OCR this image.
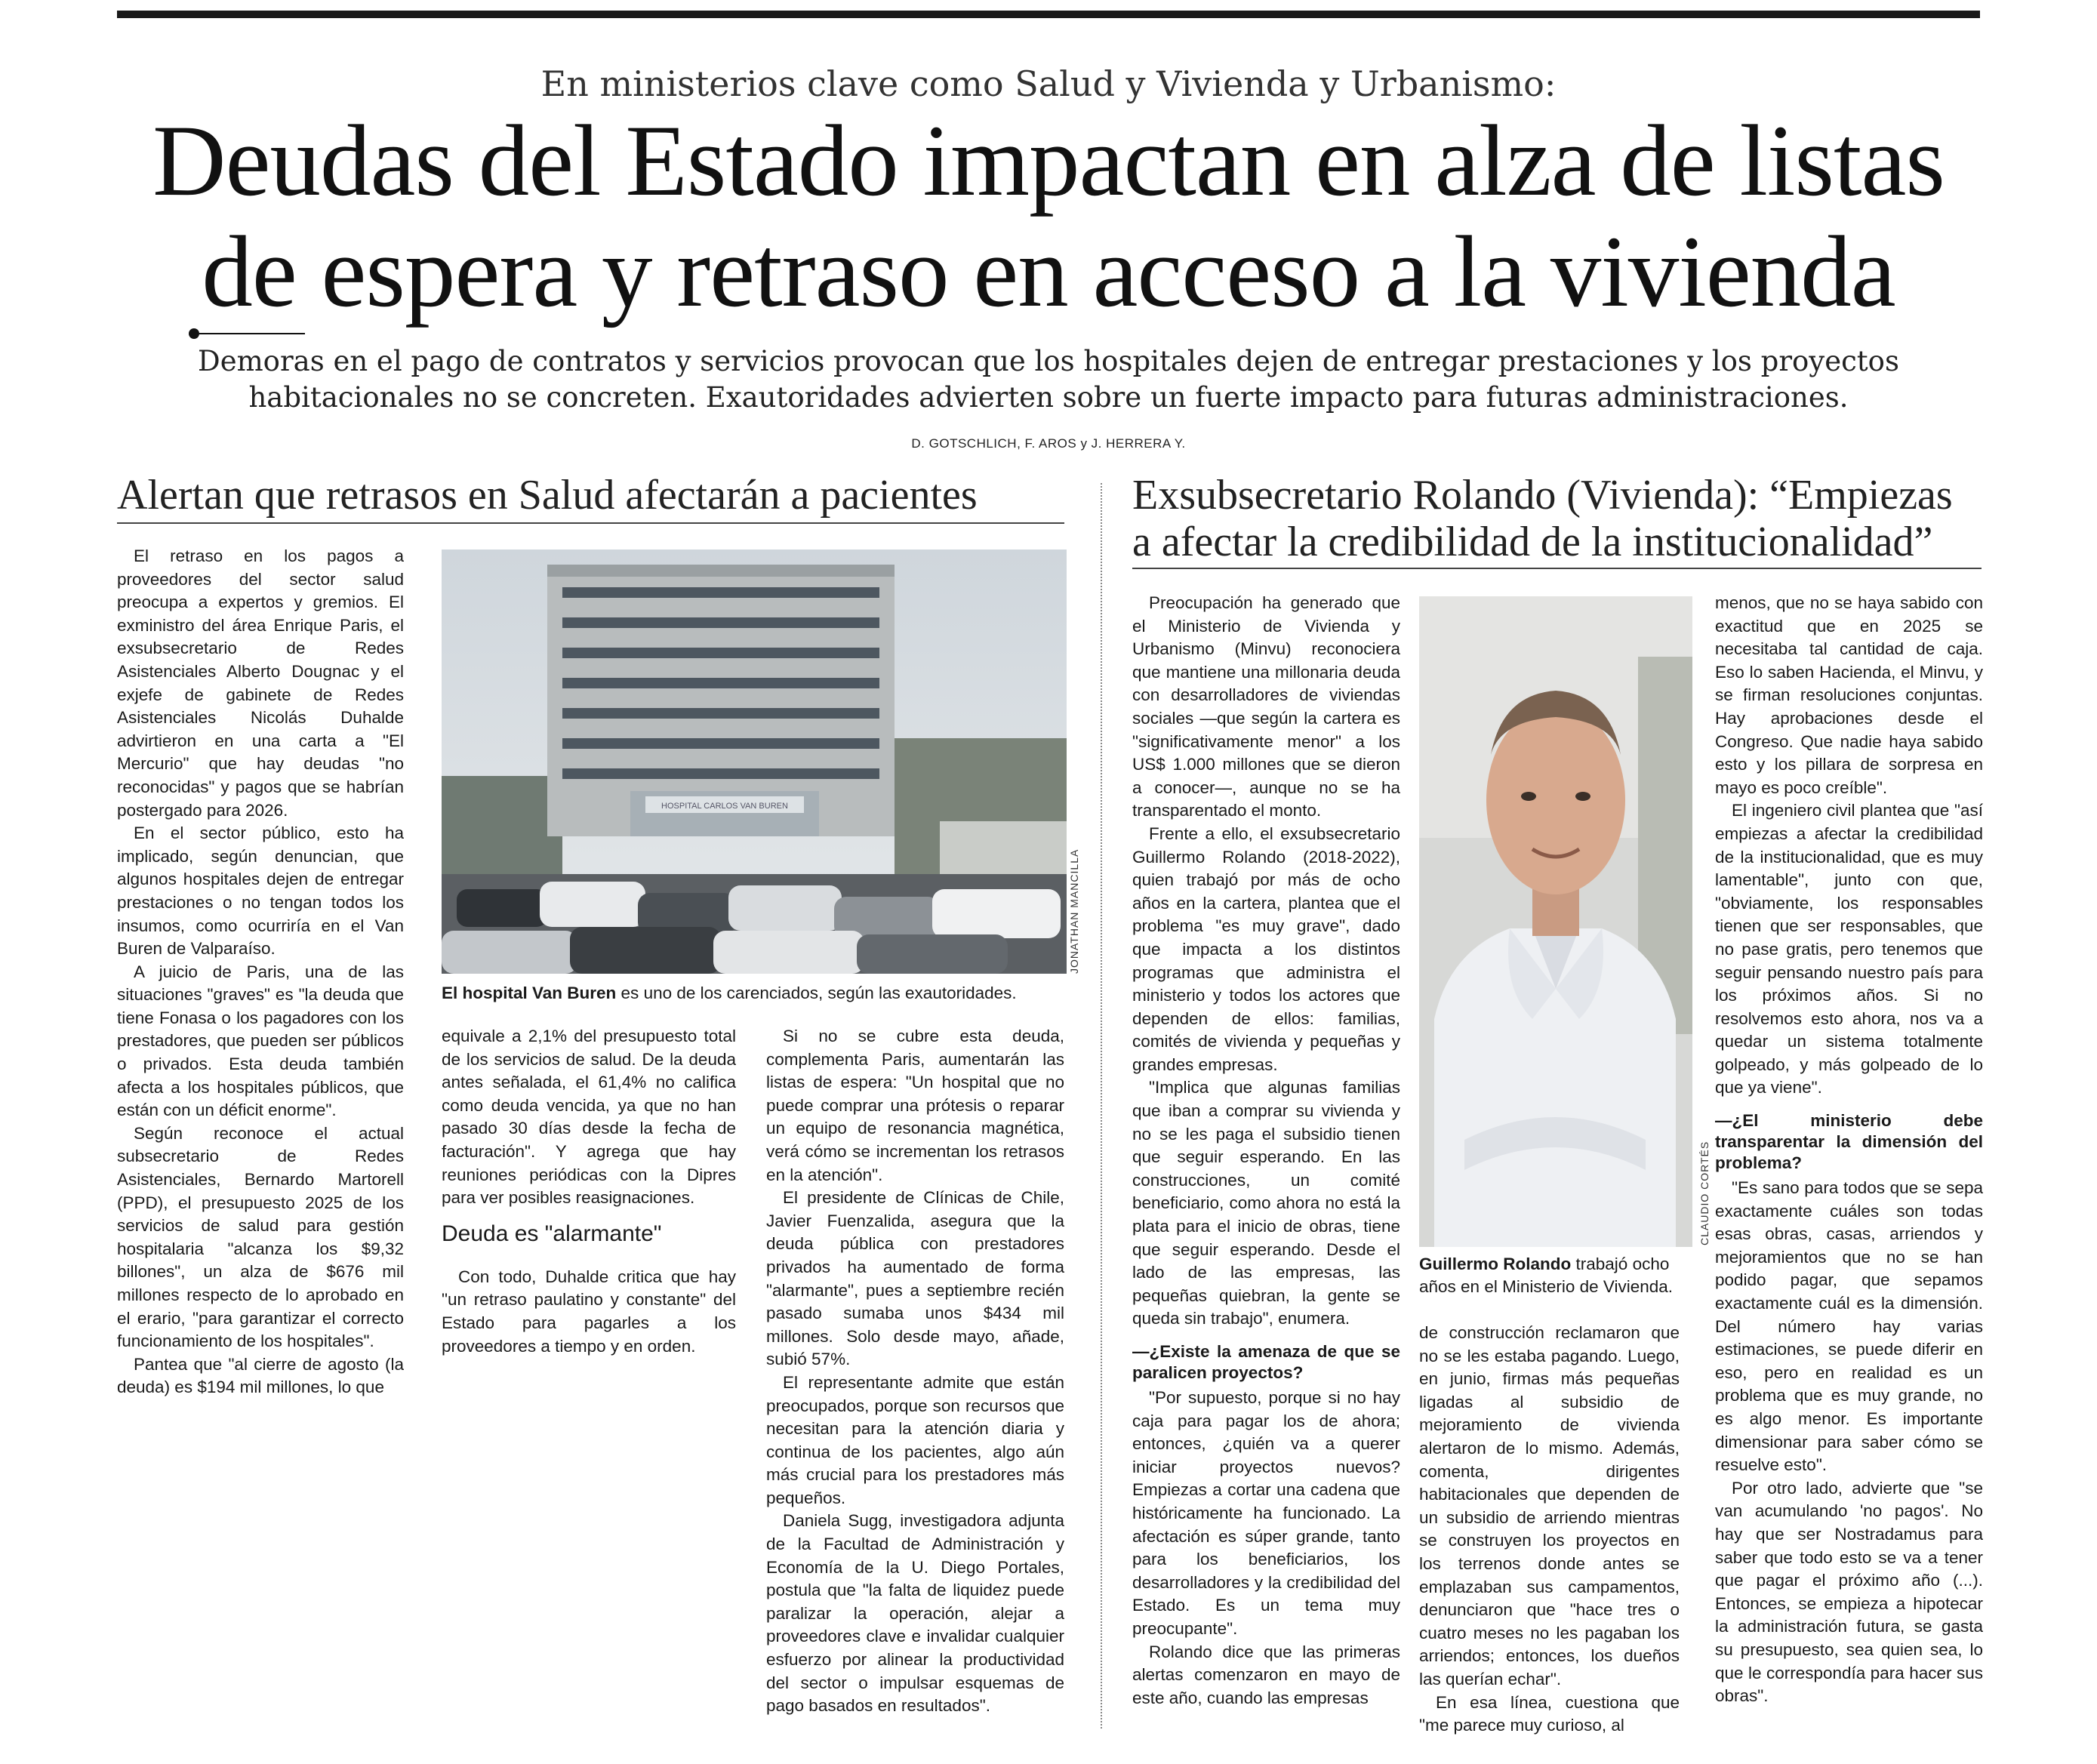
En ministerios clave como Salud y Vivienda y Urbanismo:
Deudas del Estado impactan en alza de listas
de espera y retraso en acceso a la vivienda
Demoras en el pago de contratos y servicios provocan que los hospitales dejen de entregar prestaciones y los proyectos
habitacionales no se concreten. Exautoridades advierten sobre un fuerte impacto para futuras administraciones.
D. GOTSCHLICH, F. AROS y J. HERRERA Y.
Alertan que retrasos en Salud afectarán a pacientes

El retraso en los pagos a proveedores del sector salud preocupa a expertos y gremios. El exministro del área Enrique Paris, el exsubsecretario de Redes Asistenciales Alberto Dougnac y el exjefe de gabinete de Redes Asistenciales Nicolás Duhalde advirtieron en una carta a "El Mercurio" que hay deudas "no reconocidas" y pagos que se habrían postergado para 2026.

En el sector público, esto ha implicado, según denuncian, que algunos hospitales dejen de entregar prestaciones o no tengan todos los insumos, como ocurriría en el Van Buren de Valparaíso.

A juicio de Paris, una de las situaciones "graves" es "la deuda que tiene Fonasa o los pagadores con los prestadores, que pueden ser públicos o privados. Esta deuda también afecta a los hospitales públicos, que están con un déficit enorme".

Según reconoce el actual subsecretario de Redes Asistenciales, Bernardo Martorell (PPD), el presupuesto 2025 de los servicios de salud para gestión hospitalaria "alcanza los $9,32 billones", un alza de $676 mil millones respecto de lo aprobado en el erario, "para garantizar el correcto funcionamiento de los hospitales".

Pantea que "al cierre de agosto (la deuda) es $194 mil millones, lo que

HOSPITAL CARLOS VAN BUREN
JONATHAN MANCILLA
El hospital Van Buren es uno de los carenciados, según las exautoridades.

equivale a 2,1% del presupuesto total de los servicios de salud. De la deuda antes señalada, el 61,4% no califica como deuda vencida, ya que no han pasado 30 días desde la fecha de facturación". Y agrega que hay reuniones periódicas con la Dipres para ver posibles reasignaciones.

Deuda es "alarmante"

Con todo, Duhalde critica que hay "un retraso paulatino y constante" del Estado para pagarles a los proveedores a tiempo y en orden.

Si no se cubre esta deuda, complementa Paris, aumentarán las listas de espera: "Un hospital que no puede comprar una prótesis o reparar un equipo de resonancia magnética, verá cómo se incrementan los retrasos en la atención".

El presidente de Clínicas de Chile, Javier Fuenzalida, asegura que la deuda pública con prestadores privados ha aumentado de forma "alarmante", pues a septiembre recién pasado sumaba unos $434 mil millones. Solo desde mayo, añade, subió 57%.

El representante admite que están preocupados, porque son recursos que necesitan para la atención diaria y continua de los pacientes, algo aún más crucial para los prestadores más pequeños.

Daniela Sugg, investigadora adjunta de la Facultad de Administración y Economía de la U. Diego Portales, postula que "la falta de liquidez puede paralizar la operación, alejar a proveedores clave e invalidar cualquier esfuerzo por alinear la productividad del sector o impulsar esquemas de pago basados en resultados".

Exsubsecretario Rolando (Vivienda): “Empiezas
a afectar la credibilidad de la institucionalidad”

Preocupación ha generado que el Ministerio de Vivienda y Urbanismo (Minvu) reconociera que mantiene una millonaria deuda con desarrolladores de viviendas sociales —que según la cartera es "significativamente menor" a los US$ 1.000 millones que se dieron a conocer—, aunque no se ha transparentado el monto.

Frente a ello, el exsubsecretario Guillermo Rolando (2018-2022), quien trabajó por más de ocho años en la cartera, plantea que el problema "es muy grave", dado que impacta a los distintos programas que administra el ministerio y todos los actores que dependen de ellos: familias, comités de vivienda y pequeñas y grandes empresas.

"Implica que algunas familias que iban a comprar su vivienda y no se les paga el subsidio tienen que seguir esperando. En las construcciones, un comité beneficiario, como ahora no está la plata para el inicio de obras, tiene que seguir esperando. Desde el lado de las empresas, las pequeñas quiebran, la gente se queda sin trabajo", enumera.

—¿Existe la amenaza de que se paralicen proyectos?

"Por supuesto, porque si no hay caja para pagar los de ahora; entonces, ¿quién va a querer iniciar proyectos nuevos? Empiezas a cortar una cadena que históricamente ha funcionado. La afectación es súper grande, tanto para los beneficiarios, los desarrolladores y la credibilidad del Estado. Es un tema muy preocupante".

Rolando dice que las primeras alertas comenzaron en mayo de este año, cuando las empresas

CLAUDIO CORTÉS
Guillermo Rolando trabajó ocho años en el Ministerio de Vivienda.

de construcción reclamaron que no se les estaba pagando. Luego, en junio, firmas más pequeñas ligadas al subsidio de mejoramiento de vivienda alertaron de lo mismo. Además, comenta, dirigentes habitacionales que dependen de un subsidio de arriendo mientras se construyen los proyectos en los terrenos donde antes se emplazaban sus campamentos, denunciaron que "hace tres o cuatro meses no les pagaban los arriendos; entonces, los dueños las querían echar".

En esa línea, cuestiona que "me parece muy curioso, al

menos, que no se haya sabido con exactitud que en 2025 se necesitaba tal cantidad de caja. Eso lo saben Hacienda, el Minvu, y se firman resoluciones conjuntas. Hay aprobaciones desde el Congreso. Que nadie haya sabido esto y los pillara de sorpresa en mayo es poco creíble".

El ingeniero civil plantea que "así empiezas a afectar la credibilidad de la institucionalidad, que es muy lamentable", junto con que, "obviamente, los responsables tienen que ser responsables, que no pase gratis, pero tenemos que seguir pensando nuestro país para los próximos años. Si no resolvemos esto ahora, nos va a quedar un sistema totalmente golpeado, y más golpeado de lo que ya viene".

—¿El ministerio debe transparentar la dimensión del problema?

"Es sano para todos que se sepa exactamente cuáles son todas esas obras, casas, arriendos y mejoramientos que no se han podido pagar, que sepamos exactamente cuál es la dimensión. Del número hay varias estimaciones, se puede diferir en eso, pero en realidad es un problema que es muy grande, no es algo menor. Es importante dimensionar para saber cómo se resuelve esto".

Por otro lado, advierte que "se van acumulando 'no pagos'. No hay que ser Nostradamus para saber que todo esto se va a tener que pagar el próximo año (...). Entonces, se empieza a hipotecar la administración futura, se gasta su presupuesto, sea quien sea, lo que le correspondía para hacer sus obras".
